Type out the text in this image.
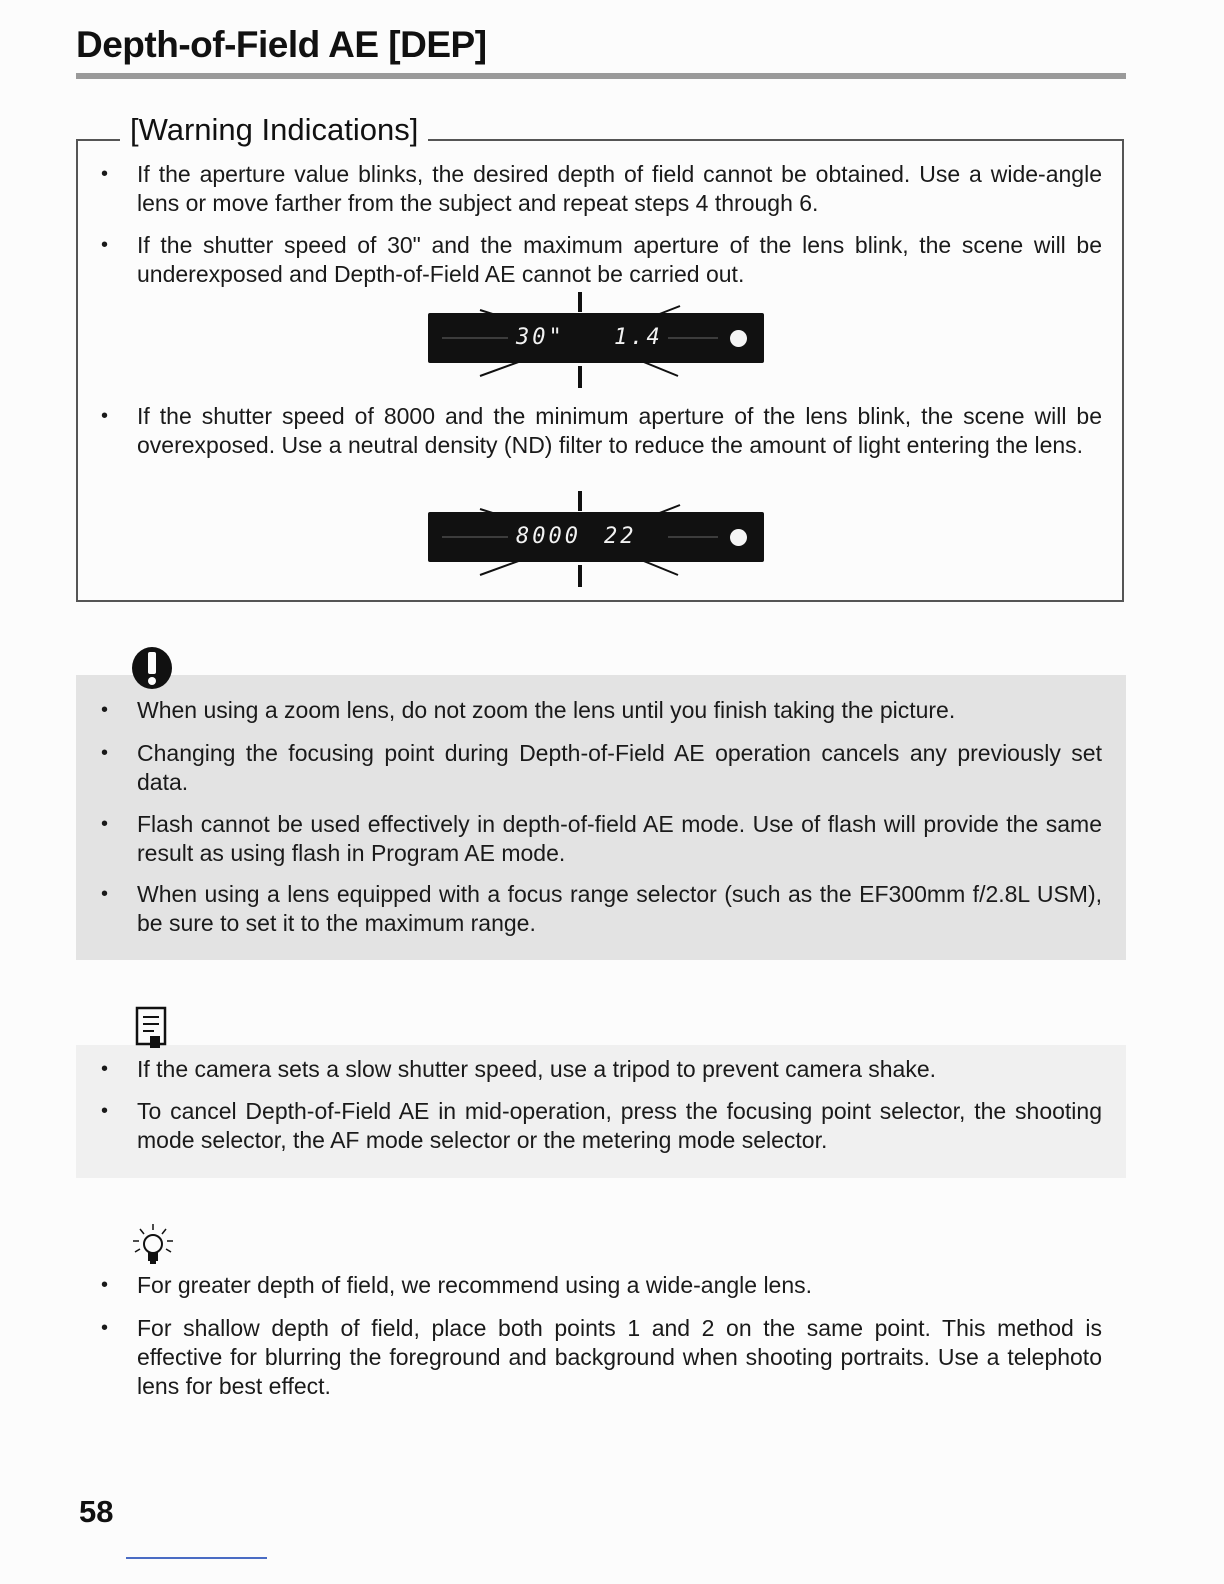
Depth-of-Field AE [DEP]
[Warning Indications]
• If the aperture value blinks, the desired depth of field cannot be obtained. Use a wide-angle lens or move farther from the subject and repeat steps 4 through 6.
• If the shutter speed of 30" and the maximum aperture of the lens blink, the scene will be underexposed and Depth-of-Field AE cannot be carried out.
30" 1.4
• If the shutter speed of 8000 and the minimum aperture of the lens blink, the scene will be overexposed. Use a neutral density (ND) filter to reduce the amount of light entering the lens.
8000 22
• When using a zoom lens, do not zoom the lens until you finish taking the picture.
• Changing the focusing point during Depth-of-Field AE operation cancels any previously set data.
• Flash cannot be used effectively in depth-of-field AE mode. Use of flash will provide the same result as using flash in Program AE mode.
• When using a lens equipped with a focus range selector (such as the EF300mm f/2.8L USM), be sure to set it to the maximum range.
• If the camera sets a slow shutter speed, use a tripod to prevent camera shake.
• To cancel Depth-of-Field AE in mid-operation, press the focusing point selector, the shooting mode selector, the AF mode selector or the metering mode selector.
• For greater depth of field, we recommend using a wide-angle lens.
• For shallow depth of field, place both points 1 and 2 on the same point. This method is effective for blurring the foreground and background when shooting portraits. Use a telephoto lens for best effect.
58
